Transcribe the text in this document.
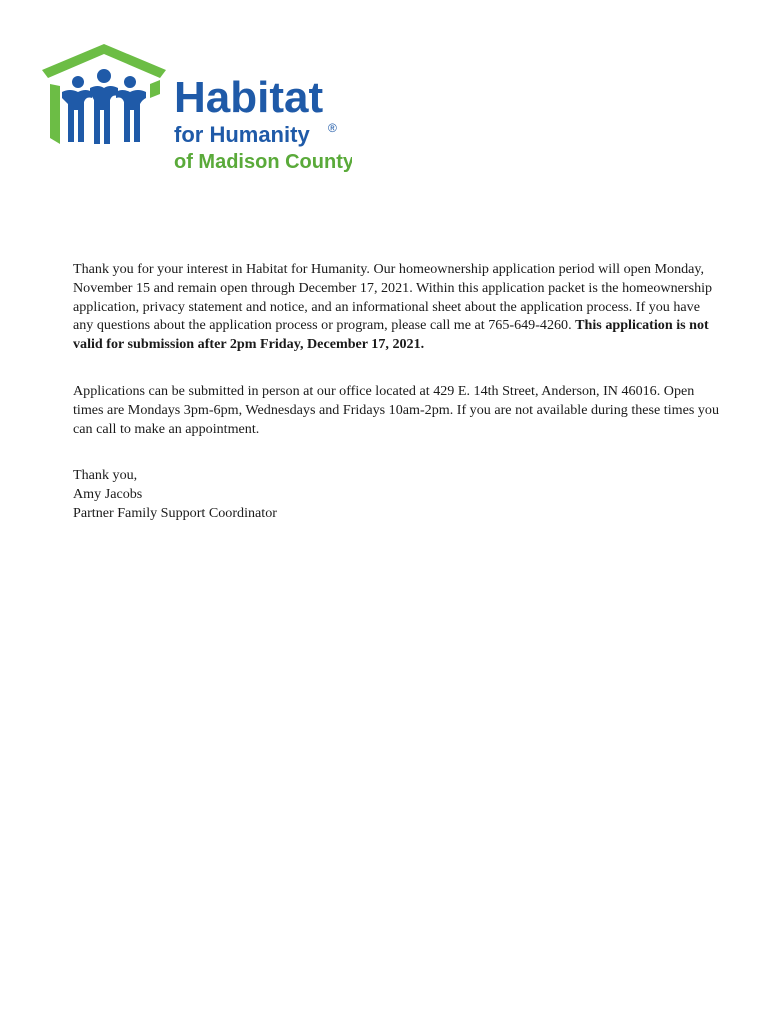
Habitat
for Humanity ®
of Madison County

Thank you for your interest in Habitat for Humanity. Our homeownership application period will open Monday, November 15 and remain open through December 17, 2021. Within this application packet is the homeownership application, privacy statement and notice, and an informational sheet about the application process. If you have any questions about the application process or program, please call me at 765-649-4260. This application is not valid for submission after 2pm Friday, December 17, 2021.

Applications can be submitted in person at our office located at 429 E. 14th Street, Anderson, IN 46016. Open times are Mondays 3pm-6pm, Wednesdays and Fridays 10am-2pm. If you are not available during these times you can call to make an appointment.

Thank you,

Amy Jacobs

Partner Family Support Coordinator
